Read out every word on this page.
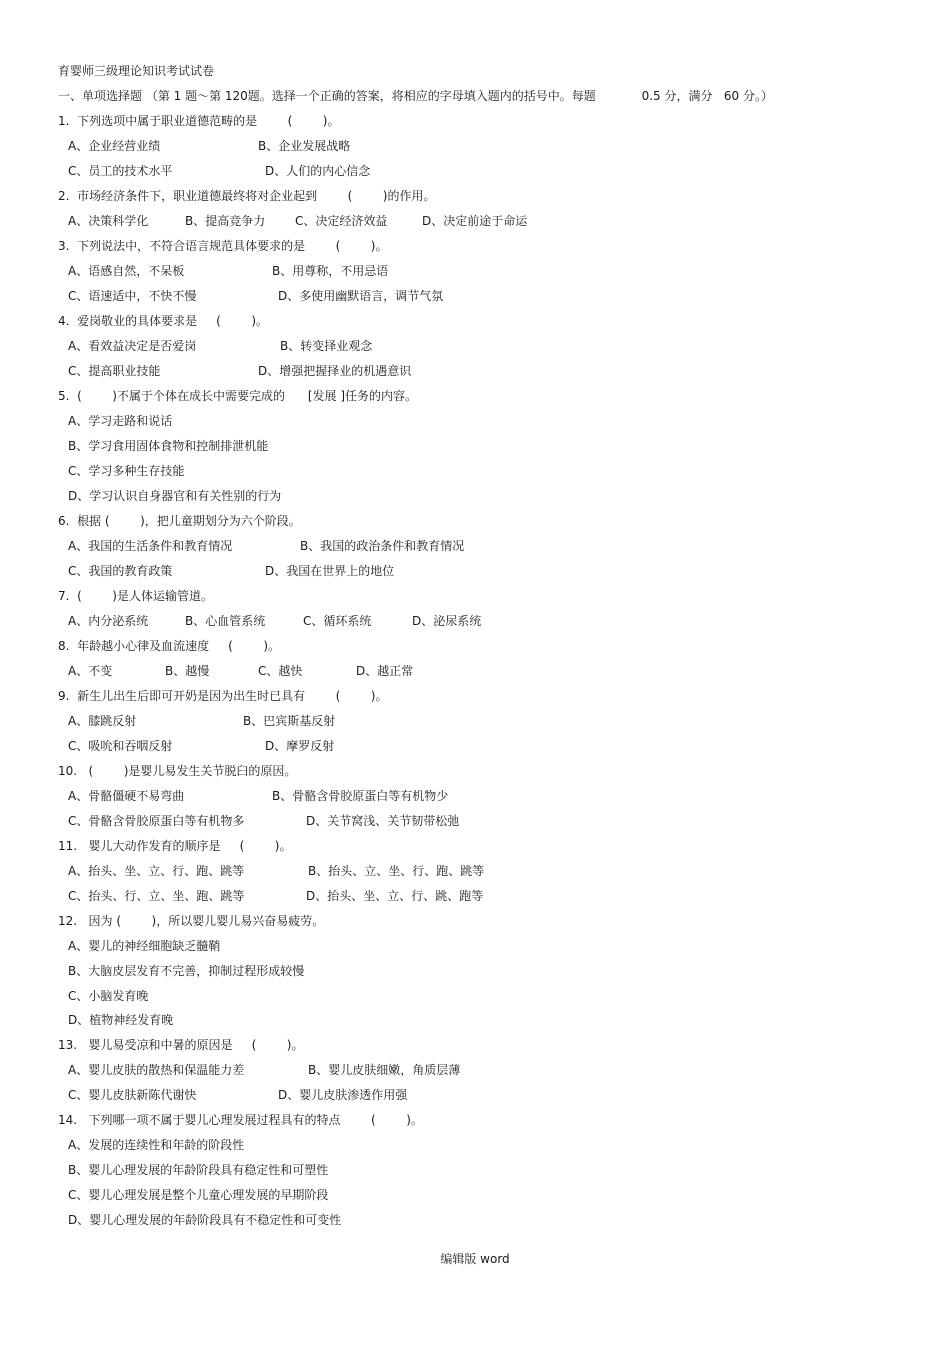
育婴师三级理论知识考试试卷
一、单项选择题 （第 1 题～第 120题。选择一个正确的答案，将相应的字母填入题内的括号中。每题            0.5 分，满分   60 分。）
1.  下列选项中属于职业道德范畴的是        (        )。
A、企业经营业绩	B、企业发展战略
C、员工的技术水平	D、人们的内心信念
2.  市场经济条件下，职业道德最终将对企业起到        (        )的作用。
A、决策科学化	B、提高竞争力 C、决定经济效益	D、决定前途于命运
3.  下列说法中，不符合语言规范具体要求的是        (        )。
A、语感自然，不呆板	B、用尊称，不用忌语
C、语速适中，不快不慢	D、多使用幽默语言，调节气氛
4.  爱岗敬业的具体要求是     (        )。
A、看效益决定是否爱岗	B、转变择业观念
C、提高职业技能	D、增强把握择业的机遇意识
5.  (        )不属于个体在成长中需要完成的      [发展 ]任务的内容。
A、学习走路和说话
B、学习食用固体食物和控制排泄机能
C、学习多种生存技能
D、学习认识自身器官和有关性别的行为
6.  根据 (        )，把儿童期划分为六个阶段。
A、我国的生活条件和教育情况	B、我国的政治条件和教育情况
C、我国的教育政策	D、我国在世界上的地位
7.  (        )是人体运输管道。
A、内分泌系统	B、心血管系统	C、循环系统	D、泌尿系统
8.  年龄越小心律及血流速度     (        )。
A、不变	B、越慢	C、越快	D、越正常
9.  新生儿出生后即可开奶是因为出生时已具有        (        )。
A、膝跳反射	B、巴宾斯基反射
C、吸吮和吞咽反射	D、摩罗反射
10.   (        )是婴儿易发生关节脱臼的原因。
A、骨骼僵硬不易弯曲	B、骨骼含骨胶原蛋白等有机物少
C、骨骼含骨胶原蛋白等有机物多	D、关节窝浅、关节韧带松弛
11.   婴儿大动作发育的顺序是     (        )。
A、抬头、坐、立、行、跑、跳等	B、抬头、立、坐、行、跑、跳等
C、抬头、行、立、坐、跑、跳等	D、抬头、坐、立、行、跳、跑等
12.   因为 (        )，所以婴儿婴儿易兴奋易疲劳。
A、婴儿的神经细胞缺乏髓鞘
B、大脑皮层发育不完善，抑制过程形成较慢
C、小脑发育晚
D、植物神经发育晚
13.   婴儿易受凉和中暑的原因是     (        )。
A、婴儿皮肤的散热和保温能力差	B、婴儿皮肤细嫩，角质层薄
C、婴儿皮肤新陈代谢快	D、婴儿皮肤渗透作用强
14.   下列哪一项不属于婴儿心理发展过程具有的特点        (        )。
A、发展的连续性和年龄的阶段性
B、婴儿心理发展的年龄阶段具有稳定性和可塑性
C、婴儿心理发展是整个儿童心理发展的早期阶段
D、婴儿心理发展的年龄阶段具有不稳定性和可变性
编辑版 word
